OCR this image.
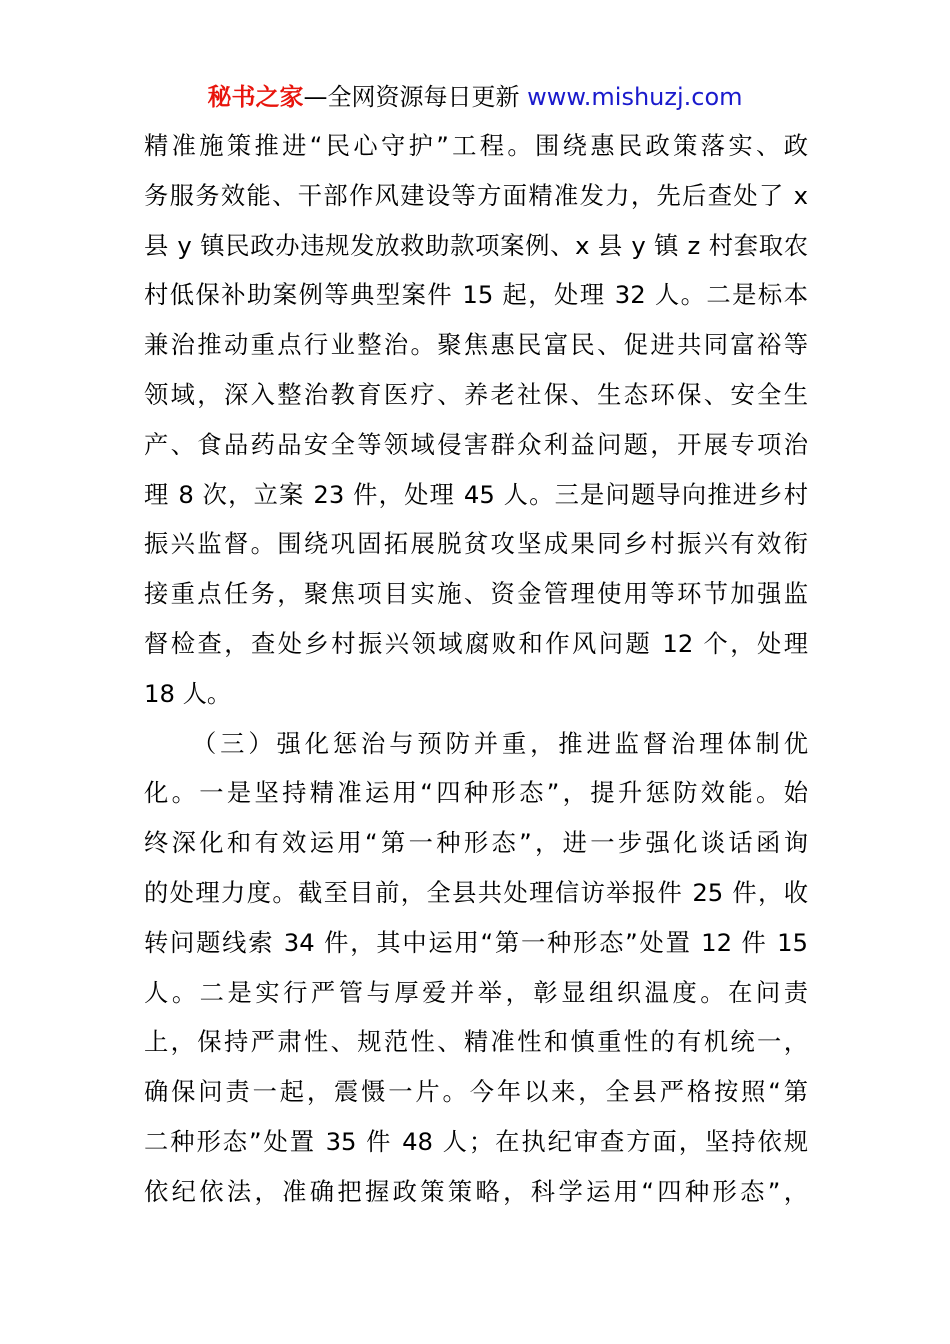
秘书之家—全网资源每日更新 www.mishuzj.com
精准施策推进“民心守护”工程。围绕惠民政策落实、政
务服务效能、干部作风建设等方面精准发力，先后查处了 x
县 y 镇民政办违规发放救助款项案例、x 县 y 镇 z 村套取农
村低保补助案例等典型案件 15 起，处理 32 人。二是标本
兼治推动重点行业整治。聚焦惠民富民、促进共同富裕等
领域，深入整治教育医疗、养老社保、生态环保、安全生
产、食品药品安全等领域侵害群众利益问题，开展专项治
理 8 次，立案 23 件，处理 45 人。三是问题导向推进乡村
振兴监督。围绕巩固拓展脱贫攻坚成果同乡村振兴有效衔
接重点任务，聚焦项目实施、资金管理使用等环节加强监
督检查，查处乡村振兴领域腐败和作风问题 12 个，处理
18 人。
（三）强化惩治与预防并重，推进监督治理体制优
化。一是坚持精准运用“四种形态”，提升惩防效能。始
终深化和有效运用“第一种形态”，进一步强化谈话函询
的处理力度。截至目前，全县共处理信访举报件 25 件，收
转问题线索 34 件，其中运用“第一种形态”处置 12 件 15
人。二是实行严管与厚爱并举，彰显组织温度。在问责
上，保持严肃性、规范性、精准性和慎重性的有机统一，
确保问责一起，震慑一片。今年以来，全县严格按照“第
二种形态”处置 35 件 48 人；在执纪审查方面，坚持依规
依纪依法，准确把握政策策略，科学运用“四种形态”，
